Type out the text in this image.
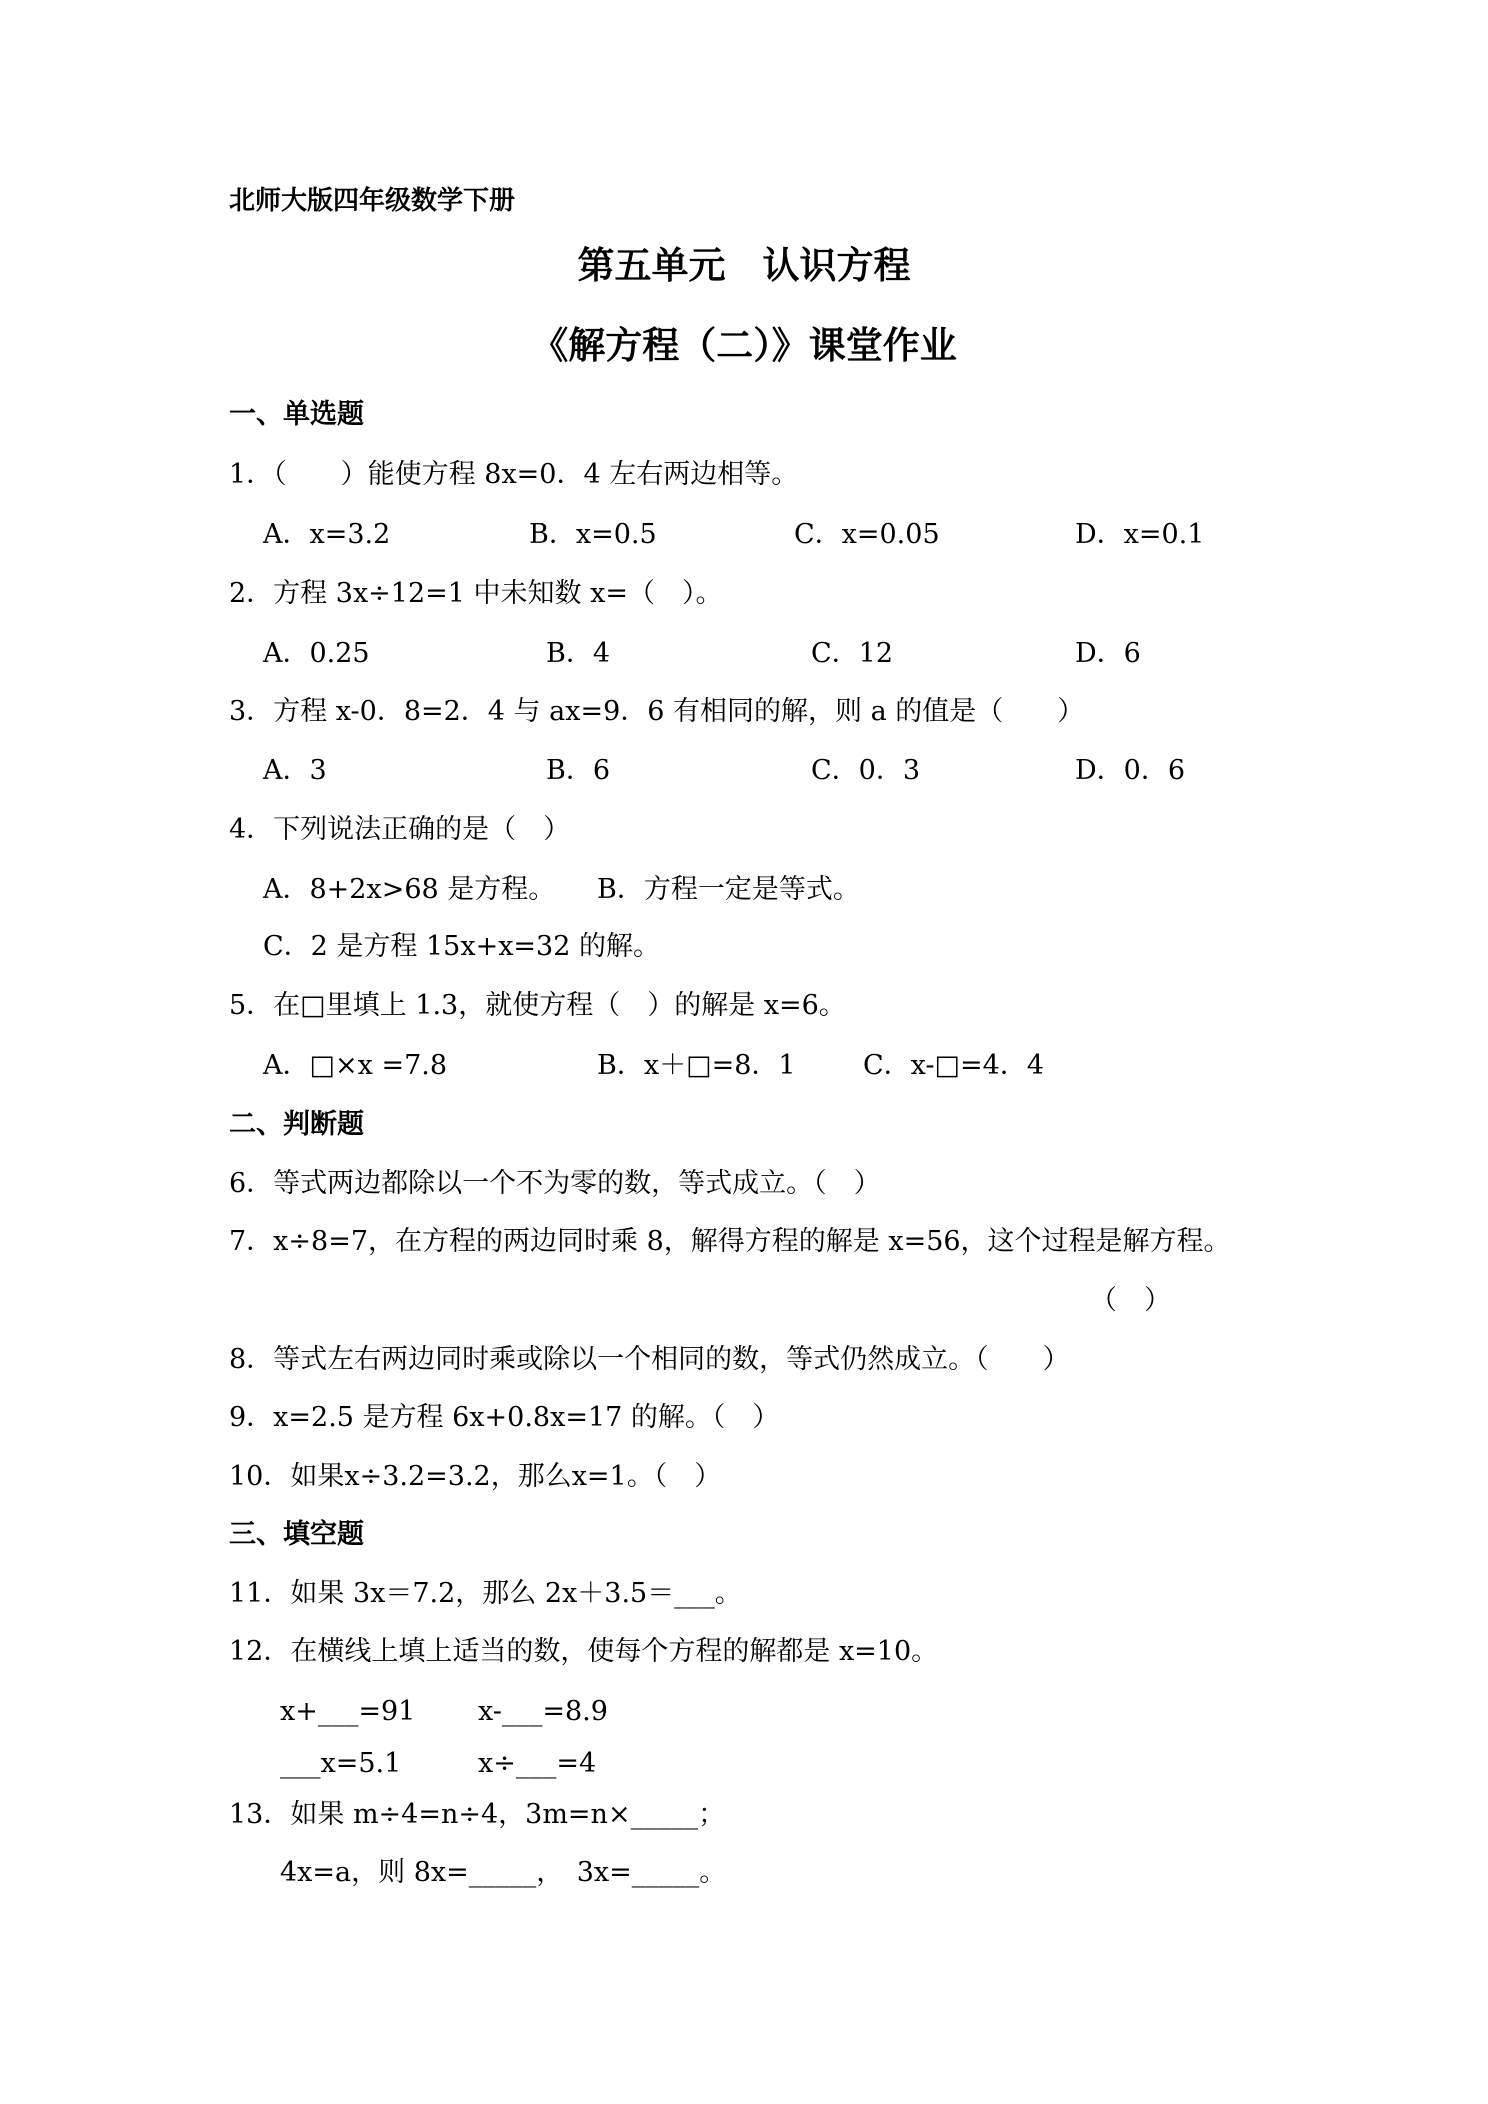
北师大版四年级数学下册
第五单元　认识方程
《解方程（二）》课堂作业
一、单选题
1．（　　）能使方程 8x=0．4 左右两边相等。
A．x=3.2	B．x=0.5	C．x=0.05	D．x=0.1
2．方程 3x÷12=1 中未知数 x=（　）。
A．0.25	B．4	C．12	D．6
3．方程 x-0．8=2．4 与 ax=9．6 有相同的解，则 a 的值是（　　）
A．3	B．6	C．0．3	D．0．6
4．下列说法正确的是（　）
A．8+2x>68 是方程。 B．方程一定是等式。
C．2 是方程 15x+x=32 的解。
5．在□里填上 1.3，就使方程（　）的解是 x=6。
A．□×x =7.8	B．x＋□=8．1 C．x-□=4．4
二、判断题
6．等式两边都除以一个不为零的数，等式成立。（　）
7．x÷8=7，在方程的两边同时乘 8，解得方程的解是 x=56，这个过程是解方程。
（　）
8．等式左右两边同时乘或除以一个相同的数，等式仍然成立。（　　）
9．x=2.5 是方程 6x+0.8x=17 的解。（　）
10．如果x÷3.2=3.2，那么x=1。（　）
三、填空题
11．如果 3x＝7.2，那么 2x＋3.5＝___。
12．在横线上填上适当的数，使每个方程的解都是 x=10。
x+___=91 x-___=8.9
___x=5.1	x÷___=4
13．如果 m÷4=n÷4，3m=n×_____；
4x=a，则 8x=_____，　3x=_____。
